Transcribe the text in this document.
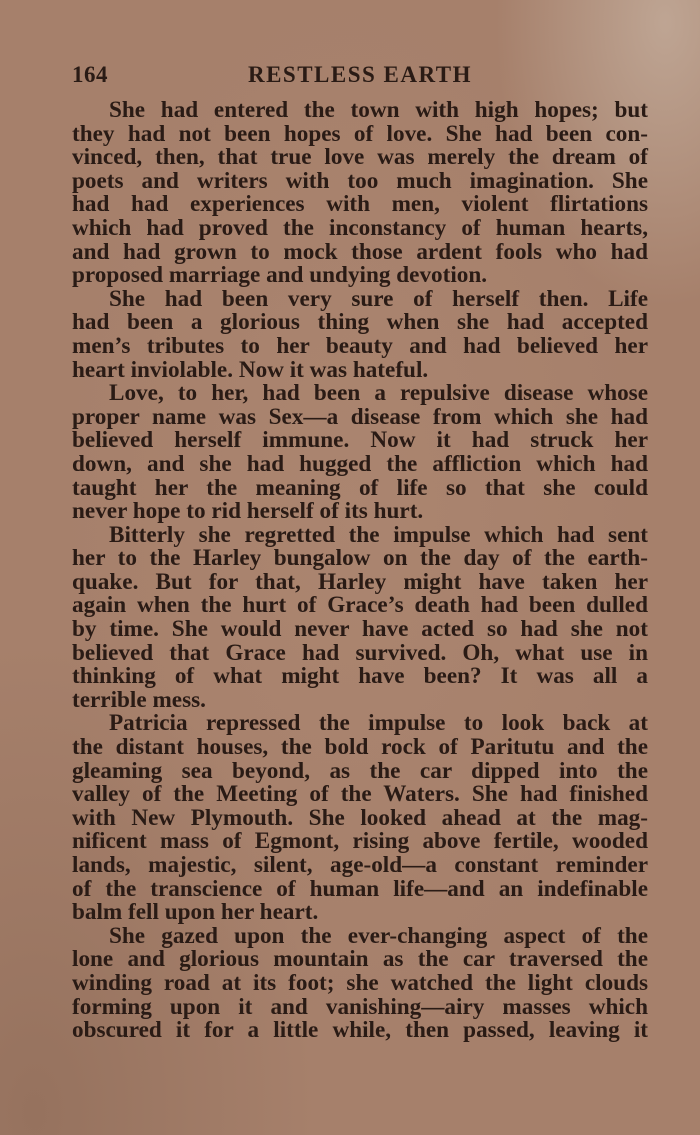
164	RESTLESS EARTH
She had entered the town with high hopes; but
they had not been hopes of love. She had been con-
vinced, then, that true love was merely the dream of
poets and writers with too much imagination. She
had had experiences with men, violent flirtations
which had proved the inconstancy of human hearts,
and had grown to mock those ardent fools who had
proposed marriage and undying devotion.
She had been very sure of herself then. Life
had been a glorious thing when she had accepted
men’s tributes to her beauty and had believed her
heart inviolable. Now it was hateful.
Love, to her, had been a repulsive disease whose
proper name was Sex—a disease from which she had
believed herself immune. Now it had struck her
down, and she had hugged the affliction which had
taught her the meaning of life so that she could
never hope to rid herself of its hurt.
Bitterly she regretted the impulse which had sent
her to the Harley bungalow on the day of the earth-
quake. But for that, Harley might have taken her
again when the hurt of Grace’s death had been dulled
by time. She would never have acted so had she not
believed that Grace had survived. Oh, what use in
thinking of what might have been? It was all a
terrible mess.
Patricia repressed the impulse to look back at
the distant houses, the bold rock of Paritutu and the
gleaming sea beyond, as the car dipped into the
valley of the Meeting of the Waters. She had finished
with New Plymouth. She looked ahead at the mag-
nificent mass of Egmont, rising above fertile, wooded
lands, majestic, silent, age-old—a constant reminder
of the transcience of human life—and an indefinable
balm fell upon her heart.
She gazed upon the ever-changing aspect of the
lone and glorious mountain as the car traversed the
winding road at its foot; she watched the light clouds
forming upon it and vanishing—airy masses which
obscured it for a little while, then passed, leaving it
